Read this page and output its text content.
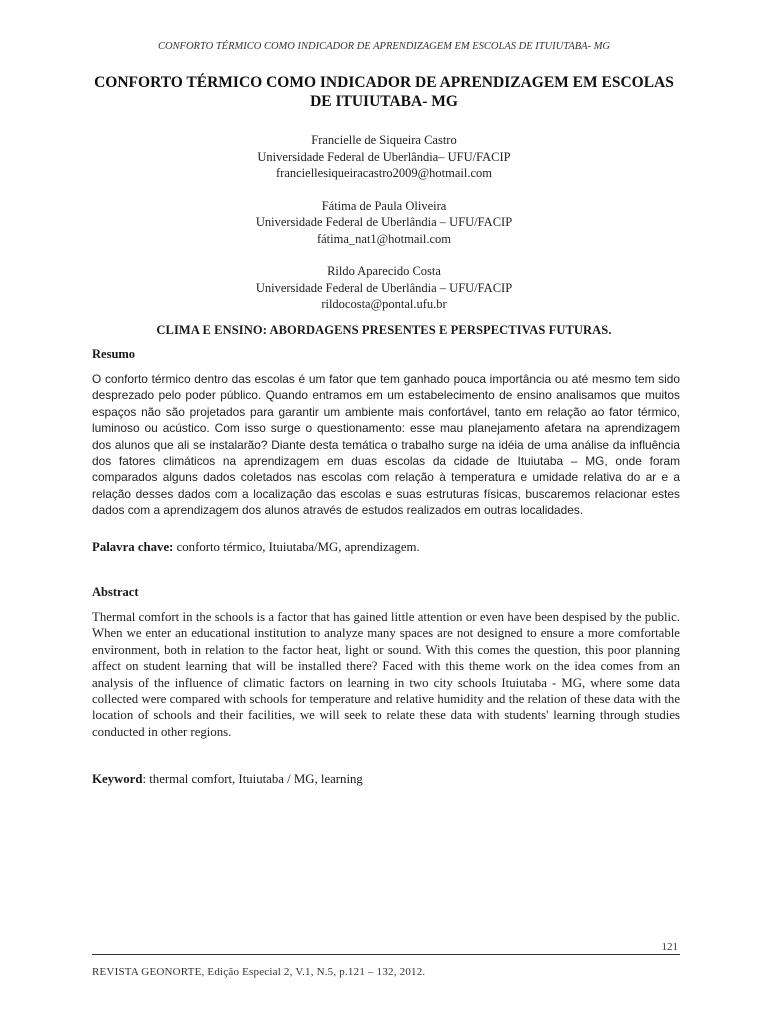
CONFORTO TÉRMICO COMO INDICADOR DE APRENDIZAGEM EM ESCOLAS DE ITUIUTABA- MG
CONFORTO TÉRMICO COMO INDICADOR DE APRENDIZAGEM EM ESCOLAS
DE ITUIUTABA- MG
Francielle de Siqueira Castro
Universidade Federal de Uberlândia– UFU/FACIP
franciellesiqueiracastro2009@hotmail.com
Fátima de Paula Oliveira
Universidade Federal de Uberlândia – UFU/FACIP
fátima_nat1@hotmail.com
Rildo Aparecido Costa
Universidade Federal de Uberlândia – UFU/FACIP
rildocosta@pontal.ufu.br
CLIMA E ENSINO: ABORDAGENS PRESENTES E PERSPECTIVAS FUTURAS.
Resumo
O conforto térmico dentro das escolas é um fator que tem ganhado pouca importância ou até mesmo tem sido desprezado pelo poder público. Quando entramos em um estabelecimento de ensino analisamos que muitos espaços não são projetados para garantir um ambiente mais confortável, tanto em relação ao fator térmico, luminoso ou acústico. Com isso surge o questionamento: esse mau planejamento afetara na aprendizagem dos alunos que ali se instalarão? Diante desta temática o trabalho surge na idéia de uma análise da influência dos fatores climáticos na aprendizagem em duas escolas da cidade de Ituiutaba – MG, onde foram comparados alguns dados coletados nas escolas com relação à temperatura e umidade relativa do ar e a relação desses dados com a localização das escolas e suas estruturas físicas, buscaremos relacionar estes dados com a aprendizagem dos alunos através de estudos realizados em outras localidades.
Palavra chave: conforto térmico, Ituiutaba/MG, aprendizagem.
Abstract
Thermal comfort in the schools is a factor that has gained little attention or even have been despised by the public. When we enter an educational institution to analyze many spaces are not designed to ensure a more comfortable environment, both in relation to the factor heat, light or sound. With this comes the question, this poor planning affect on student learning that will be installed there? Faced with this theme work on the idea comes from an analysis of the influence of climatic factors on learning in two city schools Ituiutaba - MG, where some data collected were compared with schools for temperature and relative humidity and the relation of these data with the location of schools and their facilities, we will seek to relate these data with students' learning through studies conducted in other regions.
Keyword: thermal comfort, Ituiutaba / MG, learning
121
REVISTA GEONORTE, Edição Especial 2, V.1, N.5, p.121 – 132, 2012.
